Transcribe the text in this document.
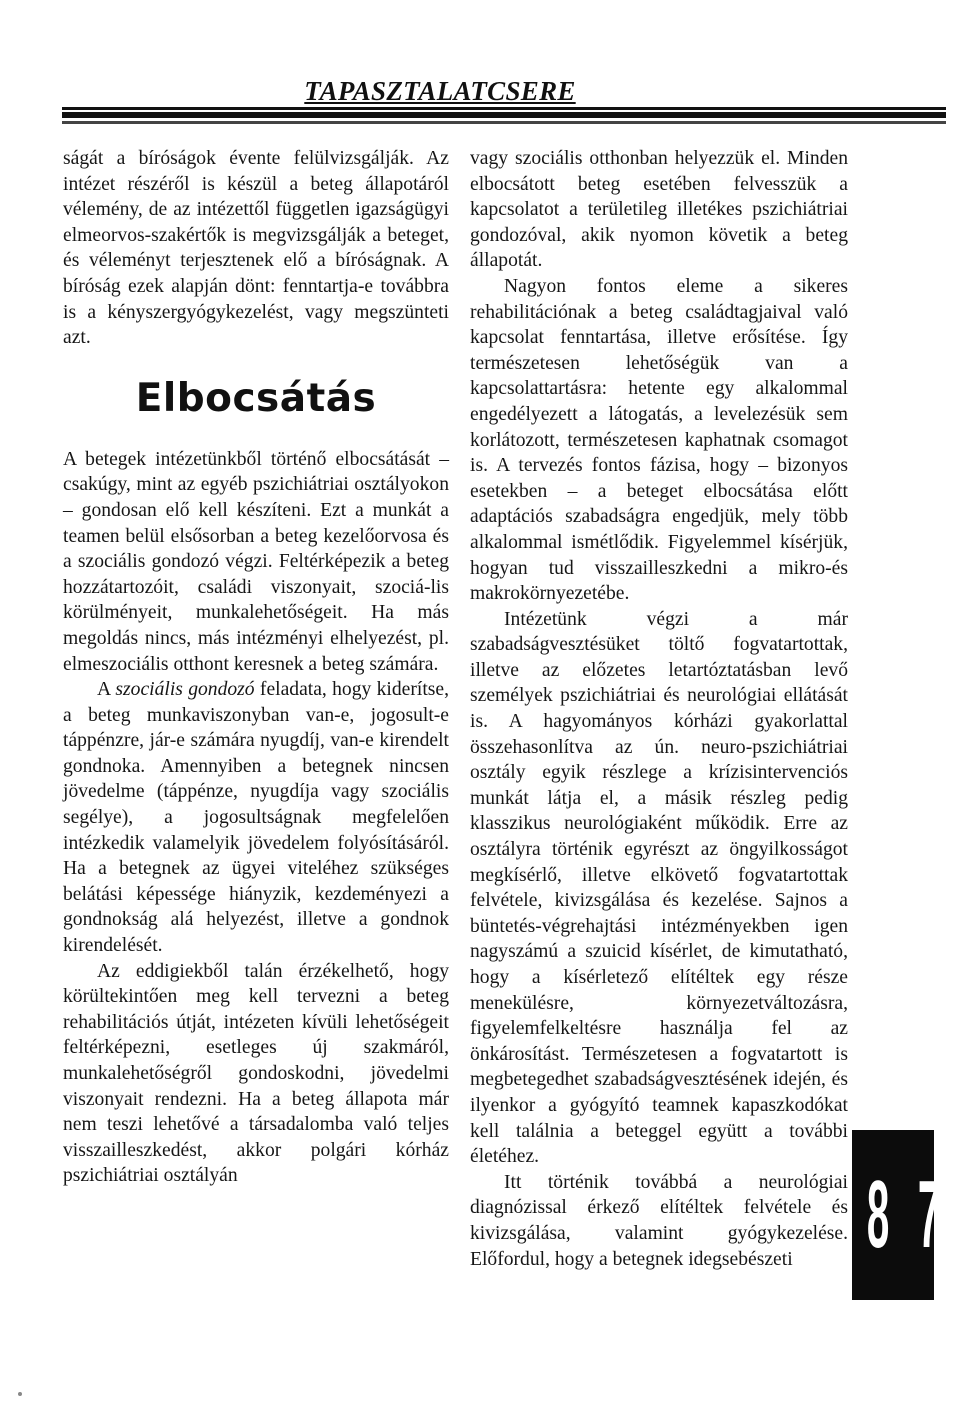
TAPASZTALATCSERE

ságát a bíróságok évente felülvizsgálják. Az intézet részéről is készül a beteg állapotáról vélemény, de az intézettől független igazságügyi elmeorvos-szakértők is megvizsgálják a beteget, és véleményt terjesztenek elő a bíróságnak. A bíróság ezek alapján dönt: fenntartja-e továbbra is a kényszergyógykezelést, vagy megszünteti azt.

Elbocsátás

A betegek intézetünkből történő elbocsátását – csakúgy, mint az egyéb pszichiátriai osztályokon – gondosan elő kell készíteni. Ezt a munkát a teamen belül elsősorban a beteg kezelőorvosa és a szociális gondozó végzi. Feltérképezik a beteg hozzátartozóit, családi viszonyait, szociá-lis körülményeit, munkalehetőségeit. Ha más megoldás nincs, más intézményi elhelyezést, pl. elmeszociális otthont keresnek a beteg számára.

A szociális gondozó feladata, hogy kiderítse, a beteg munkaviszonyban van-e, jogosult-e táppénzre, jár-e számára nyugdíj, van-e kirendelt gondnoka. Amennyiben a betegnek nincsen jövedelme (táppénze, nyugdíja vagy szociális segélye), a jogosultságnak megfelelően intézkedik valamelyik jövedelem folyósításáról. Ha a betegnek az ügyei viteléhez szükséges belátási képessége hiányzik, kezdeményezi a gondnokság alá helyezést, illetve a gondnok kirendelését.

Az eddigiekből talán érzékelhető, hogy körültekintően meg kell tervezni a beteg rehabilitációs útját, intézeten kívüli lehetőségeit feltérképezni, esetleges új szakmáról, munkalehetőségről gondoskodni, jövedelmi viszonyait rendezni. Ha a beteg állapota már nem teszi lehetővé a társadalomba való teljes visszailleszkedést, akkor polgári kórház pszichiátriai osztályán

vagy szociális otthonban helyezzük el. Minden elbocsátott beteg esetében felvesszük a kapcsolatot a területileg illetékes pszichiátriai gondozóval, akik nyomon követik a beteg állapotát.

Nagyon fontos eleme a sikeres rehabilitációnak a beteg családtagjaival való kapcsolat fenntartása, illetve erősítése. Így természetesen lehetőségük van a kapcsolattartásra: hetente egy alkalommal engedélyezett a látogatás, a levelezésük sem korlátozott, természetesen kaphatnak csomagot is. A tervezés fontos fázisa, hogy – bizonyos esetekben – a beteget elbocsátása előtt adaptációs szabadságra engedjük, mely több alkalommal ismétlődik. Figyelemmel kísérjük, hogyan tud visszailleszkedni a mikro-és makrokörnyezetébe.

Intézetünk végzi a már szabadságvesztésüket töltő fogvatartottak, illetve az előzetes letartóztatásban levő személyek pszichiátriai és neurológiai ellátását is. A hagyományos kórházi gyakorlattal összehasonlítva az ún. neuro-pszichiátriai osztály egyik részlege a krízisintervenciós munkát látja el, a másik részleg pedig klasszikus neurológiaként működik. Erre az osztályra történik egyrészt az öngyilkosságot megkísérlő, illetve elkövető fogvatartottak felvétele, kivizsgálása és kezelése. Sajnos a büntetés-végrehajtási intézményekben igen nagyszámú a szuicid kísérlet, de kimutatható, hogy a kísérletező elítéltek egy része menekülésre, környezetváltozásra, figyelemfelkeltésre használja fel az önkárosítást. Természetesen a fogvatartott is megbetegedhet szabadságvesztésének idején, és ilyenkor a gyógyító teamnek kapaszkodókat kell találnia a beteggel együtt a további életéhez.

Itt történik továbbá a neurológiai diagnózissal érkező elítéltek felvétele és kivizsgálása, valamint gyógykezelése. Előfordul, hogy a betegnek idegsebészeti 8 7
